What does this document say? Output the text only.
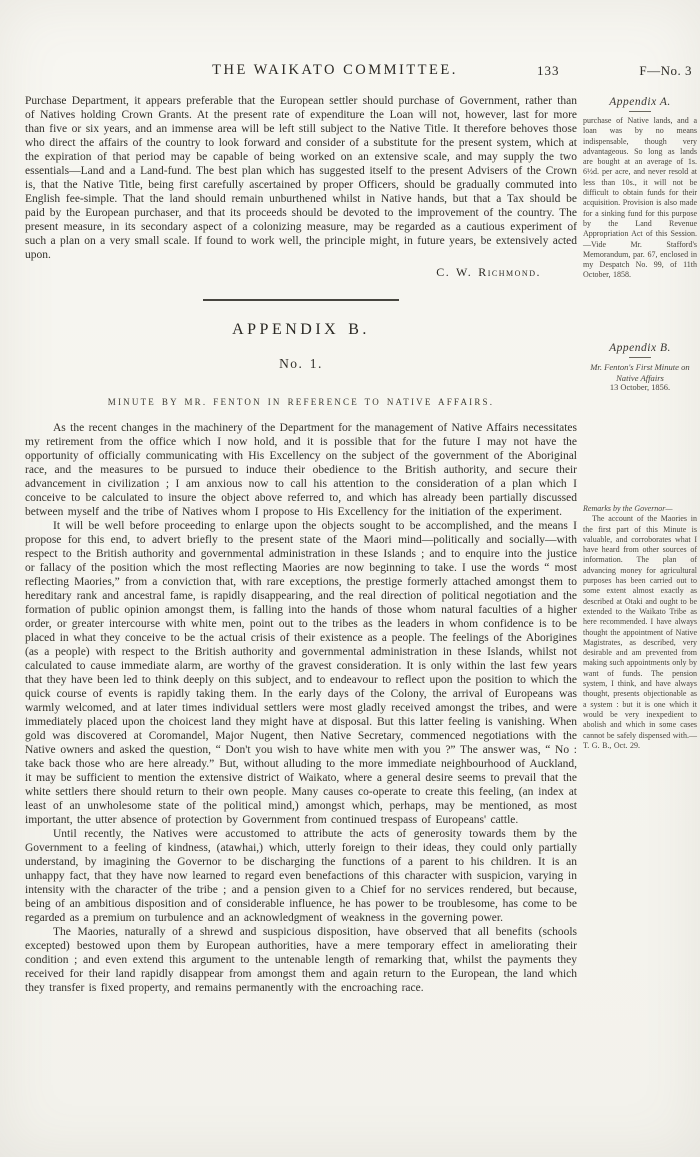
THE WAIKATO COMMITTEE.	133	F—No. 3

Purchase Department, it appears preferable that the European settler should purchase of Government, rather than of Natives holding Crown Grants. At the present rate of expenditure the Loan will not, however, last for more than five or six years, and an immense area will be left still subject to the Native Title. It therefore behoves those who direct the affairs of the country to look forward and consider of a substitute for the present system, which at the expiration of that period may be capable of being worked on an extensive scale, and may supply the two essentials—Land and a Land-fund. The best plan which has suggested itself to the present Advisers of the Crown is, that the Native Title, being first carefully ascertained by proper Officers, should be gradually commuted into English fee-simple. That the land should remain unburthened whilst in Native hands, but that a Tax should be paid by the European purchaser, and that its proceeds should be devoted to the improvement of the country. The present measure, in its secondary aspect of a colonizing measure, may be regarded as a cautious experiment of such a plan on a very small scale. If found to work well, the principle might, in future years, be extensively acted upon.

C. W. Richmond.
APPENDIX B.
No. 1.
MINUTE BY MR. FENTON IN REFERENCE TO NATIVE AFFAIRS.

As the recent changes in the machinery of the Department for the management of Native Affairs necessitates my retirement from the office which I now hold, and it is possible that for the future I may not have the opportunity of officially communicating with His Excellency on the subject of the government of the Aboriginal race, and the measures to be pursued to induce their obedience to the British authority, and secure their advancement in civilization ; I am anxious now to call his attention to the consideration of a plan which I conceive to be calculated to insure the object above referred to, and which has already been partially discussed between myself and the tribe of Natives whom I propose to His Excellency for the initiation of the experiment.

It will be well before proceeding to enlarge upon the objects sought to be accomplished, and the means I propose for this end, to advert briefly to the present state of the Maori mind—politically and socially—with respect to the British authority and governmental administration in these Islands ; and to enquire into the justice or fallacy of the position which the most reflecting Maories are now beginning to take. I use the words “ most reflecting Maories,” from a conviction that, with rare exceptions, the prestige formerly attached amongst them to hereditary rank and ancestral fame, is rapidly disappearing, and the real direction of political negotiation and the formation of public opinion amongst them, is falling into the hands of those whom natural faculties of a higher order, or greater intercourse with white men, point out to the tribes as the leaders in whom confidence is to be placed in what they conceive to be the actual crisis of their existence as a people. The feelings of the Aborigines (as a people) with respect to the British authority and governmental administration in these Islands, whilst not calculated to cause immediate alarm, are worthy of the gravest consideration. It is only within the last few years that they have been led to think deeply on this subject, and to endeavour to reflect upon the position to which the quick course of events is rapidly taking them. In the early days of the Colony, the arrival of Europeans was warmly welcomed, and at later times individual settlers were most gladly received amongst the tribes, and were immediately placed upon the choicest land they might have at disposal. But this latter feeling is vanishing. When gold was discovered at Coromandel, Major Nugent, then Native Secretary, commenced negotiations with the Native owners and asked the question, “ Don't you wish to have white men with you ?” The answer was, “ No : take back those who are here already.” But, without alluding to the more immediate neighbourhood of Auckland, it may be sufficient to mention the extensive district of Waikato, where a general desire seems to prevail that the white settlers there should return to their own people. Many causes co-operate to create this feeling, (an index at least of an unwholesome state of the political mind,) amongst which, perhaps, may be mentioned, as most important, the utter absence of protection by Government from continued trespass of Europeans' cattle.

Until recently, the Natives were accustomed to attribute the acts of generosity towards them by the Government to a feeling of kindness, (atawhai,) which, utterly foreign to their ideas, they could only partially understand, by imagining the Governor to be discharging the functions of a parent to his children. It is an unhappy fact, that they have now learned to regard even benefactions of this character with suspicion, varying in intensity with the character of the tribe ; and a pension given to a Chief for no services rendered, but because, being of an ambitious disposition and of considerable influence, he has power to be troublesome, has come to be regarded as a premium on turbulence and an acknowledgment of weakness in the governing power.

The Maories, naturally of a shrewd and suspicious disposition, have observed that all benefits (schools excepted) bestowed upon them by European authorities, have a mere temporary effect in ameliorating their condition ; and even extend this argument to the untenable length of remarking that, whilst the payments they received for their land rapidly disappear from amongst them and again return to the European, the land which they transfer is fixed property, and remains permanently with the encroaching race.

Appendix A.

purchase of Native lands, and a loan was by no means indispensable, though very advantageous. So long as lands are bought at an average of 1s. 6½d. per acre, and never resold at less than 10s., it will not be difficult to obtain funds for their acquisition. Provision is also made for a sinking fund for this purpose by the Land Revenue Appropriation Act of this Session.—Vide Mr. Stafford's Memorandum, par. 67, enclosed in my Despatch No. 99, of 11th October, 1858.

Appendix B.

Mr. Fenton's First Minute on Native Affairs

13 October, 1856.

Remarks by the Governor—

The account of the Maories in the first part of this Minute is valuable, and corroborates what I have heard from other sources of information. The plan of advancing money for agricultural purposes has been carried out to some extent almost exactly as described at Otaki and ought to be extended to the Waikato Tribe as here recommended. I have always thought the appointment of Native Magistrates, as described, very desirable and am prevented from making such appointments only by want of funds. The pension system, I think, and have always thought, presents objectionable as a system : but it is one which it would be very inexpedient to abolish and which in some cases cannot be safely dispensed with.—T. G. B., Oct. 29.
